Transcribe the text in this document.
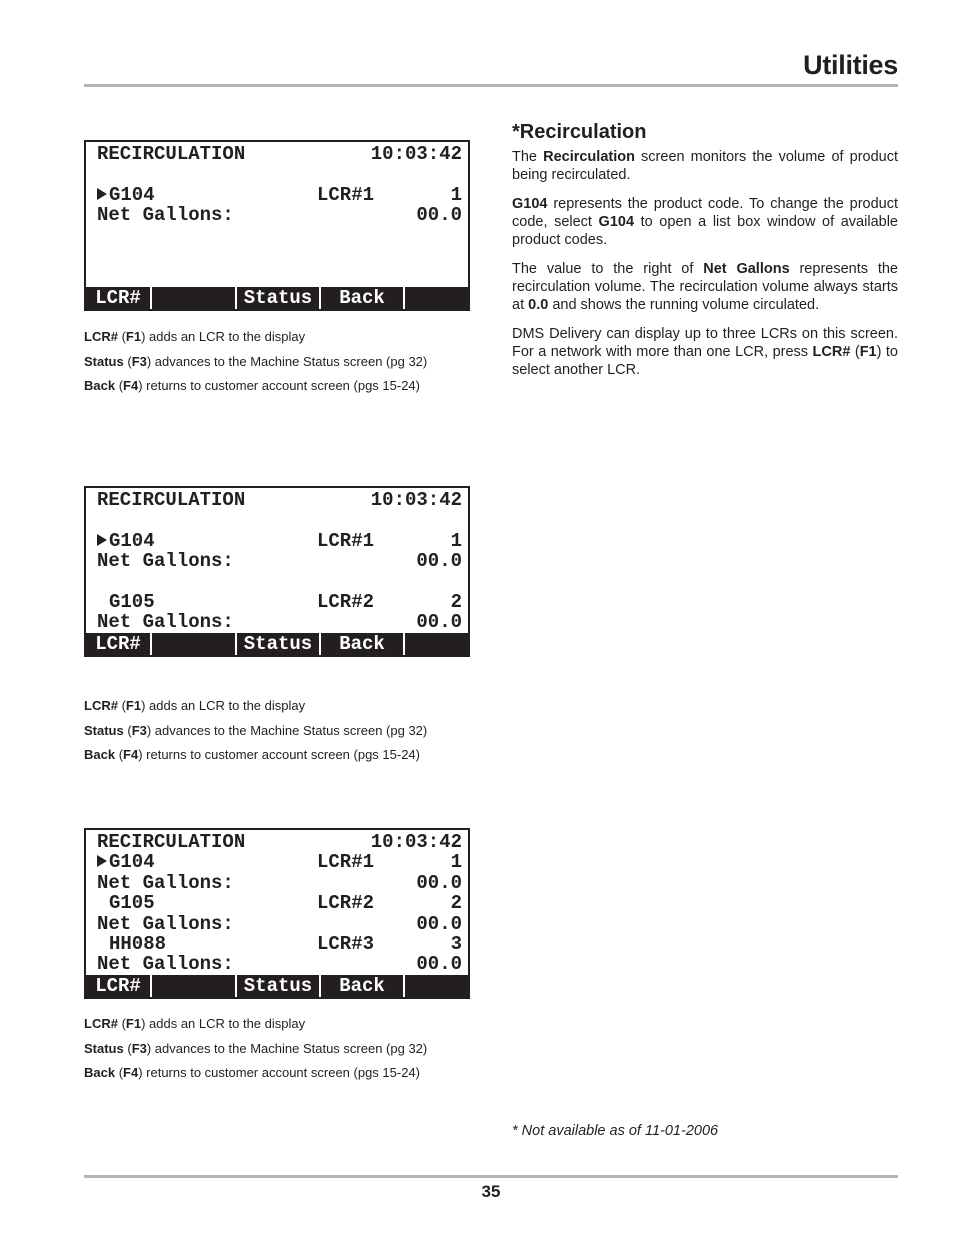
Utilities
RECIRCULATION	10:03:42
G104	LCR#1	1
Net Gallons:	00.0
LCR#	Status	Back

LCR# (F1) adds an LCR to the display

Status (F3) advances to the Machine Status screen (pg 32)

Back (F4) returns to customer account screen (pgs 15-24)

RECIRCULATION	10:03:42
G104	LCR#1	1
Net Gallons:	00.0
G105	LCR#2	2
Net Gallons:	00.0
LCR#	Status	Back

LCR# (F1) adds an LCR to the display

Status (F3) advances to the Machine Status screen (pg 32)

Back (F4) returns to customer account screen (pgs 15-24)

RECIRCULATION	10:03:42
G104	LCR#1	1
Net Gallons:	00.0
G105	LCR#2	2
Net Gallons:	00.0
HH088	LCR#3	3
Net Gallons:	00.0
LCR#	Status	Back

LCR# (F1) adds an LCR to the display

Status (F3) advances to the Machine Status screen (pg 32)

Back (F4) returns to customer account screen (pgs 15-24)

*Recirculation

The Recirculation screen monitors the volume of product being recirculated.

G104 represents the product code. To change the product code, select G104 to open a list box window of available product codes.

The value to the right of Net Gallons represents the recirculation volume. The recirculation volume always starts at 0.0 and shows the running volume circulated.

DMS Delivery can display up to three LCRs on this screen. For a network with more than one LCR, press LCR# (F1) to select another LCR.

* Not available as of 11-01-2006
35
